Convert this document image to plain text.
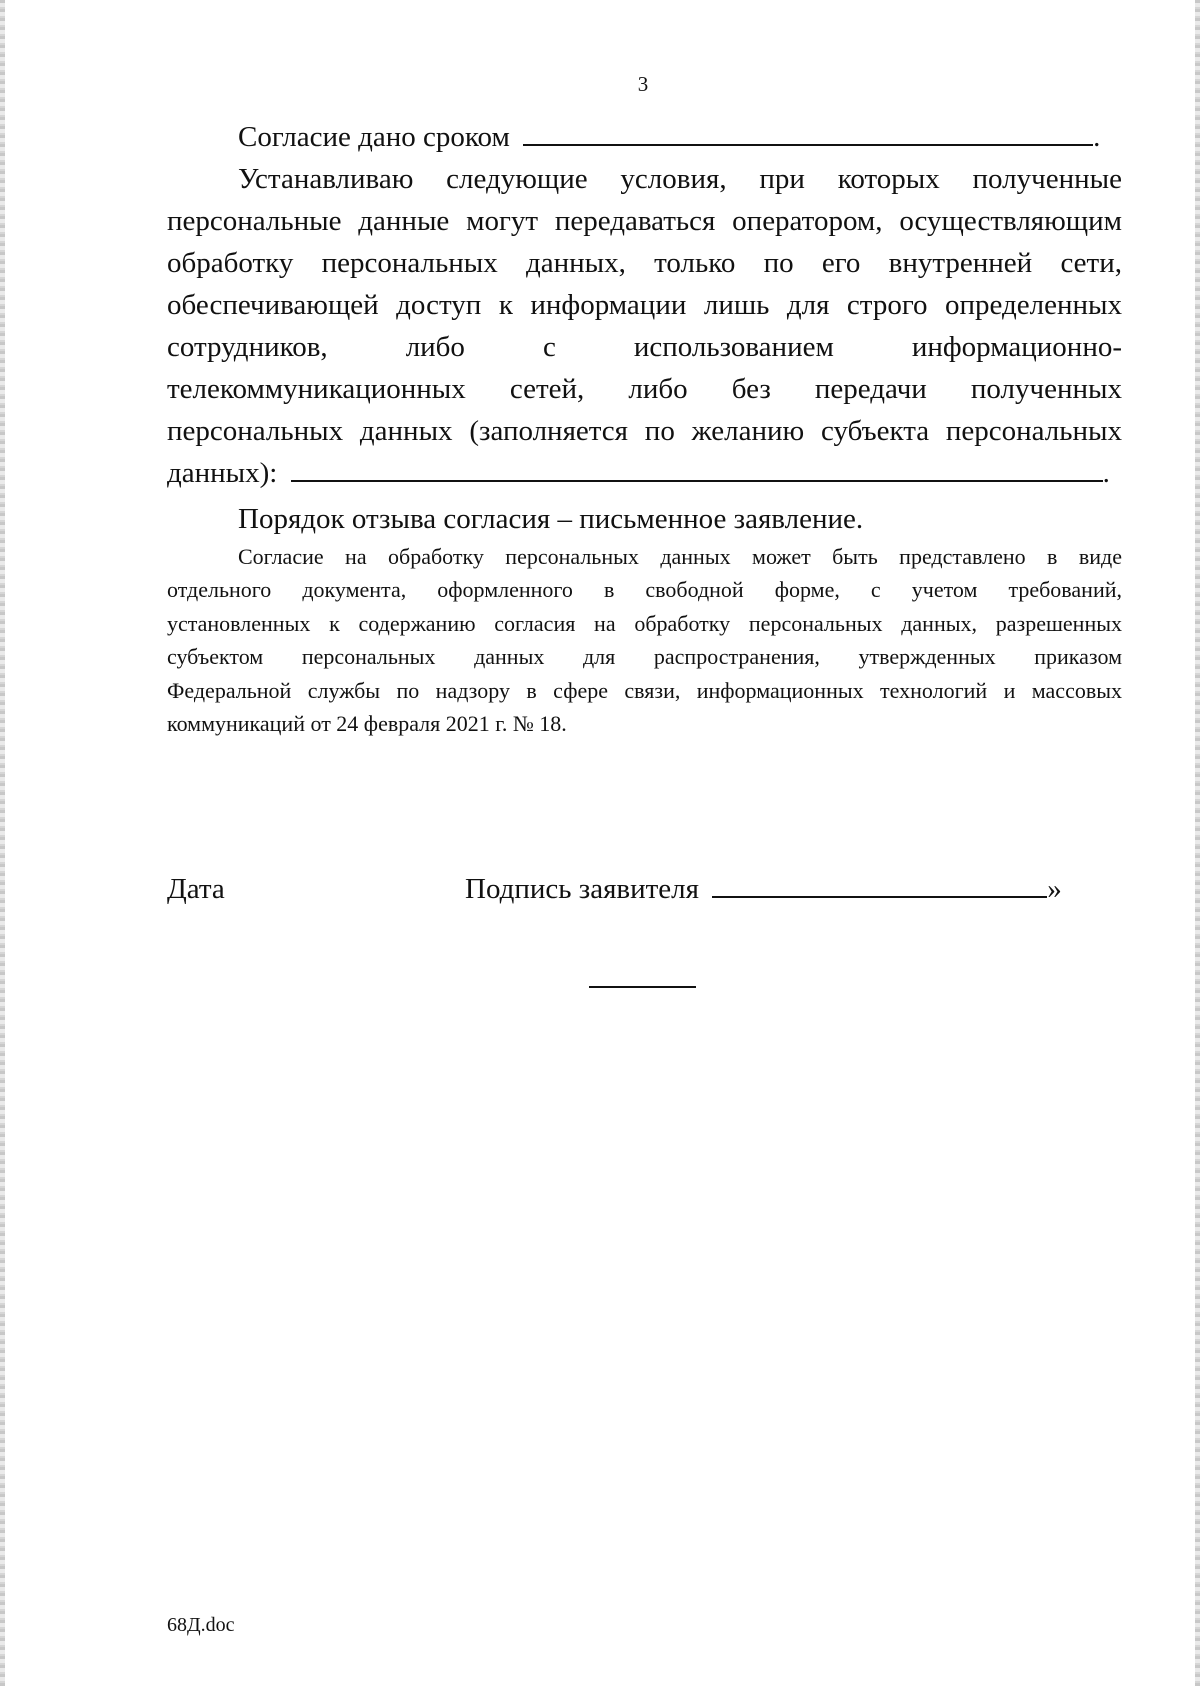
3
Согласие дано сроком	.
Устанавливаю следующие условия, при которых полученные
персональные данные могут передаваться оператором, осуществляющим
обработку персональных данных, только по его внутренней сети,
обеспечивающей доступ к информации лишь для строго определенных
сотрудников, либо с использованием информационно-
телекоммуникационных сетей, либо без передачи полученных
персональных данных (заполняется по желанию субъекта персональных
данных):	.
Порядок отзыва согласия – письменное заявление.
Согласие на обработку персональных данных может быть представлено в виде
отдельного документа, оформленного в свободной форме, с учетом требований,
установленных к содержанию согласия на обработку персональных данных, разрешенных
субъектом персональных данных для распространения, утвержденных приказом
Федеральной службы по надзору в сфере связи, информационных технологий и массовых
коммуникаций от 24 февраля 2021 г. № 18.
Дата	Подпись заявителя	»
68Д.doc
